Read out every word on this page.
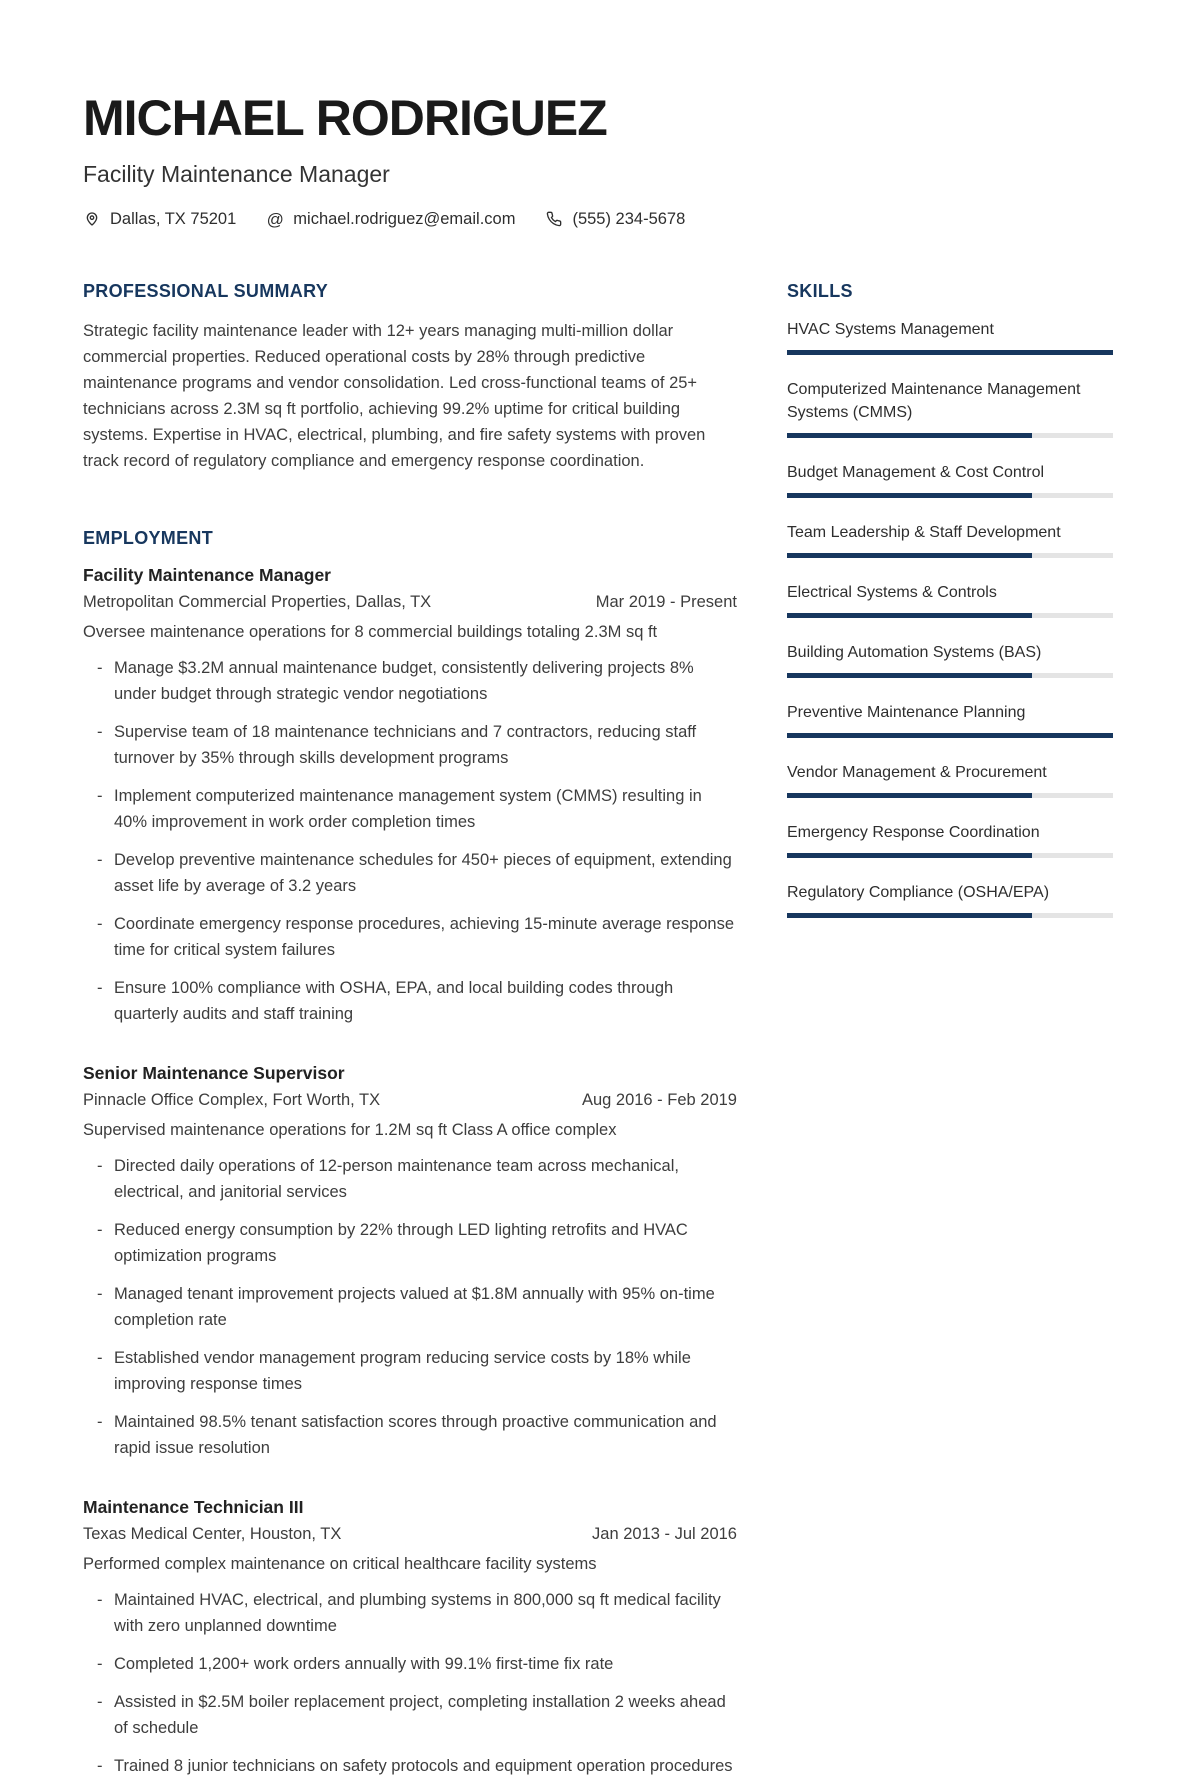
MICHAEL RODRIGUEZ
Facility Maintenance Manager
Dallas, TX 75201 @ michael.rodriguez@email.com	(555) 234-5678
PROFESSIONAL SUMMARY

Strategic facility maintenance leader with 12+ years managing multi-million dollar commercial properties. Reduced operational costs by 28% through predictive maintenance programs and vendor consolidation. Led cross-functional teams of 25+ technicians across 2.3M sq ft portfolio, achieving 99.2% uptime for critical building systems. Expertise in HVAC, electrical, plumbing, and fire safety systems with proven track record of regulatory compliance and emergency response coordination.

EMPLOYMENT
Facility Maintenance Manager
Metropolitan Commercial Properties, Dallas, TX	Mar 2019 - Present
Oversee maintenance operations for 8 commercial buildings totaling 2.3M sq ft
- Manage $3.2M annual maintenance budget, consistently delivering projects 8% under budget through strategic vendor negotiations
- Supervise team of 18 maintenance technicians and 7 contractors, reducing staff turnover by 35% through skills development programs
- Implement computerized maintenance management system (CMMS) resulting in 40% improvement in work order completion times
- Develop preventive maintenance schedules for 450+ pieces of equipment, extending asset life by average of 3.2 years
- Coordinate emergency response procedures, achieving 15-minute average response time for critical system failures
- Ensure 100% compliance with OSHA, EPA, and local building codes through quarterly audits and staff training
Senior Maintenance Supervisor
Pinnacle Office Complex, Fort Worth, TX	Aug 2016 - Feb 2019
Supervised maintenance operations for 1.2M sq ft Class A office complex
- Directed daily operations of 12-person maintenance team across mechanical, electrical, and janitorial services
- Reduced energy consumption by 22% through LED lighting retrofits and HVAC optimization programs
- Managed tenant improvement projects valued at $1.8M annually with 95% on-time completion rate
- Established vendor management program reducing service costs by 18% while improving response times
- Maintained 98.5% tenant satisfaction scores through proactive communication and rapid issue resolution
Maintenance Technician III
Texas Medical Center, Houston, TX	Jan 2013 - Jul 2016
Performed complex maintenance on critical healthcare facility systems
- Maintained HVAC, electrical, and plumbing systems in 800,000 sq ft medical facility with zero unplanned downtime
- Completed 1,200+ work orders annually with 99.1% first-time fix rate
- Assisted in $2.5M boiler replacement project, completing installation 2 weeks ahead of schedule
- Trained 8 junior technicians on safety protocols and equipment operation procedures
SKILLS
HVAC Systems Management
Computerized Maintenance Management Systems (CMMS)
Budget Management & Cost Control
Team Leadership & Staff Development
Electrical Systems & Controls
Building Automation Systems (BAS)
Preventive Maintenance Planning
Vendor Management & Procurement
Emergency Response Coordination
Regulatory Compliance (OSHA/EPA)
